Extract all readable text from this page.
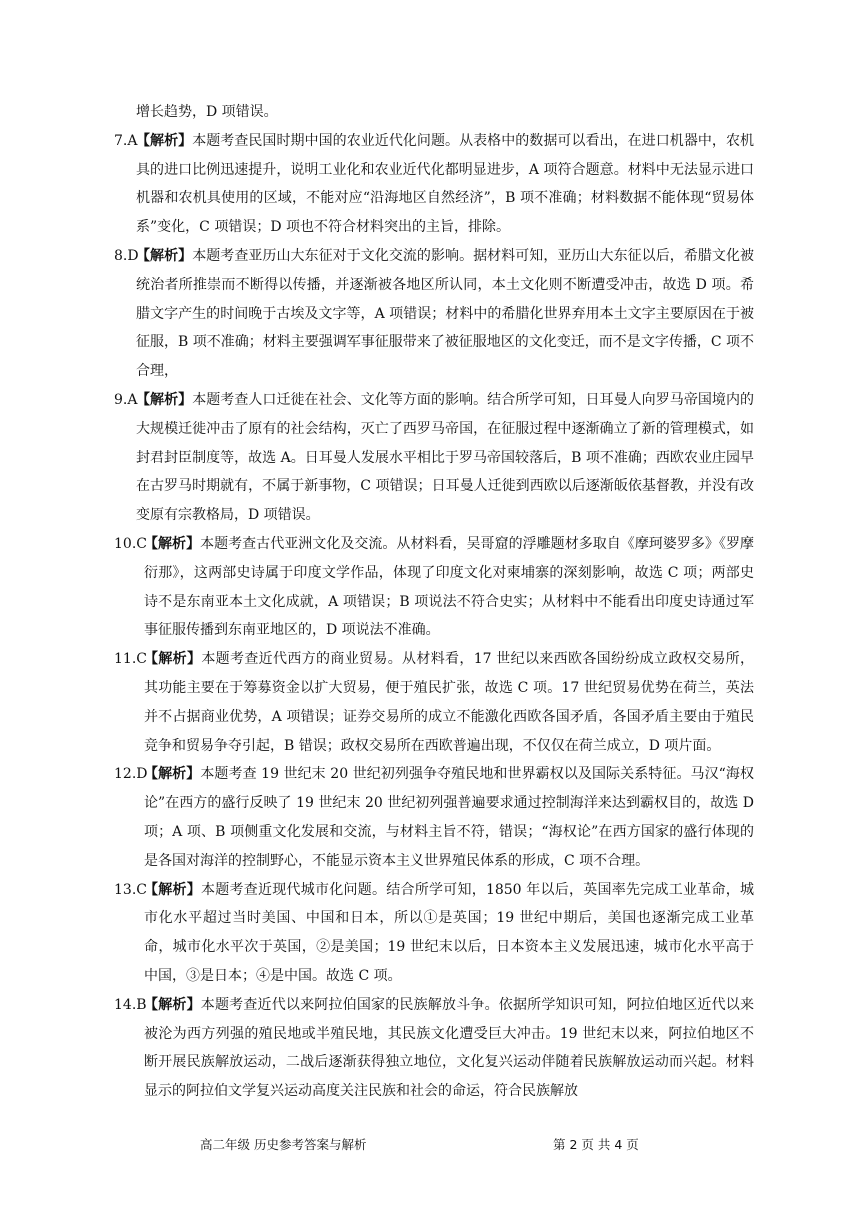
增长趋势，D 项错误。

7.A
【解析】本题考查民国时期中国的农业近代化问题。从表格中的数据可以看出，在进口机器中，农机具的进口比例迅速提升，说明工业化和农业近代化都明显进步，A 项符合题意。材料中无法显示进口机器和农机具使用的区域，不能对应“沿海地区自然经济”，B 项不准确；材料数据不能体现“贸易体系”变化，C 项错误；D 项也不符合材料突出的主旨，排除。
8.D
【解析】本题考查亚历山大东征对于文化交流的影响。据材料可知，亚历山大东征以后，希腊文化被统治者所推崇而不断得以传播，并逐渐被各地区所认同，本土文化则不断遭受冲击，故选 D 项。希腊文字产生的时间晚于古埃及文字等，A 项错误；材料中的希腊化世界弃用本土文字主要原因在于被征服，B 项不准确；材料主要强调军事征服带来了被征服地区的文化变迁，而不是文字传播，C 项不合理，
9.A
【解析】本题考查人口迁徙在社会、文化等方面的影响。结合所学可知，日耳曼人向罗马帝国境内的大规模迁徙冲击了原有的社会结构，灭亡了西罗马帝国，在征服过程中逐渐确立了新的管理模式，如封君封臣制度等，故选 A。日耳曼人发展水平相比于罗马帝国较落后，B 项不准确；西欧农业庄园早在古罗马时期就有，不属于新事物，C 项错误；日耳曼人迁徙到西欧以后逐渐皈依基督教，并没有改变原有宗教格局，D 项错误。
10.C
【解析】本题考查古代亚洲文化及交流。从材料看，吴哥窟的浮雕题材多取自《摩珂婆罗多》《罗摩衍那》，这两部史诗属于印度文学作品，体现了印度文化对柬埔寨的深刻影响，故选 C 项；两部史诗不是东南亚本土文化成就，A 项错误；B 项说法不符合史实；从材料中不能看出印度史诗通过军事征服传播到东南亚地区的，D 项说法不准确。
11.C
【解析】本题考查近代西方的商业贸易。从材料看，17 世纪以来西欧各国纷纷成立政权交易所，其功能主要在于筹募资金以扩大贸易，便于殖民扩张，故选 C 项。17 世纪贸易优势在荷兰，英法并不占据商业优势，A 项错误；证券交易所的成立不能激化西欧各国矛盾，各国矛盾主要由于殖民竞争和贸易争夺引起，B 错误；政权交易所在西欧普遍出现，不仅仅在荷兰成立，D 项片面。
12.D
【解析】本题考查 19 世纪末 20 世纪初列强争夺殖民地和世界霸权以及国际关系特征。马汉“海权论”在西方的盛行反映了 19 世纪末 20 世纪初列强普遍要求通过控制海洋来达到霸权目的，故选 D 项；A 项、B 项侧重文化发展和交流，与材料主旨不符，错误；“海权论”在西方国家的盛行体现的是各国对海洋的控制野心，不能显示资本主义世界殖民体系的形成，C 项不合理。
13.C
【解析】本题考查近现代城市化问题。结合所学可知，1850 年以后，英国率先完成工业革命，城市化水平超过当时美国、中国和日本，所以①是英国；19 世纪中期后，美国也逐渐完成工业革命，城市化水平次于英国，②是美国；19 世纪末以后，日本资本主义发展迅速，城市化水平高于中国，③是日本；④是中国。故选 C 项。
14.B
【解析】本题考查近代以来阿拉伯国家的民族解放斗争。依据所学知识可知，阿拉伯地区近代以来被沦为西方列强的殖民地或半殖民地，其民族文化遭受巨大冲击。19 世纪末以来，阿拉伯地区不断开展民族解放运动，二战后逐渐获得独立地位，文化复兴运动伴随着民族解放运动而兴起。材料显示的阿拉伯文学复兴运动高度关注民族和社会的命运，符合民族解放
高二年级 历史参考答案与解析	第 2 页 共 4 页
